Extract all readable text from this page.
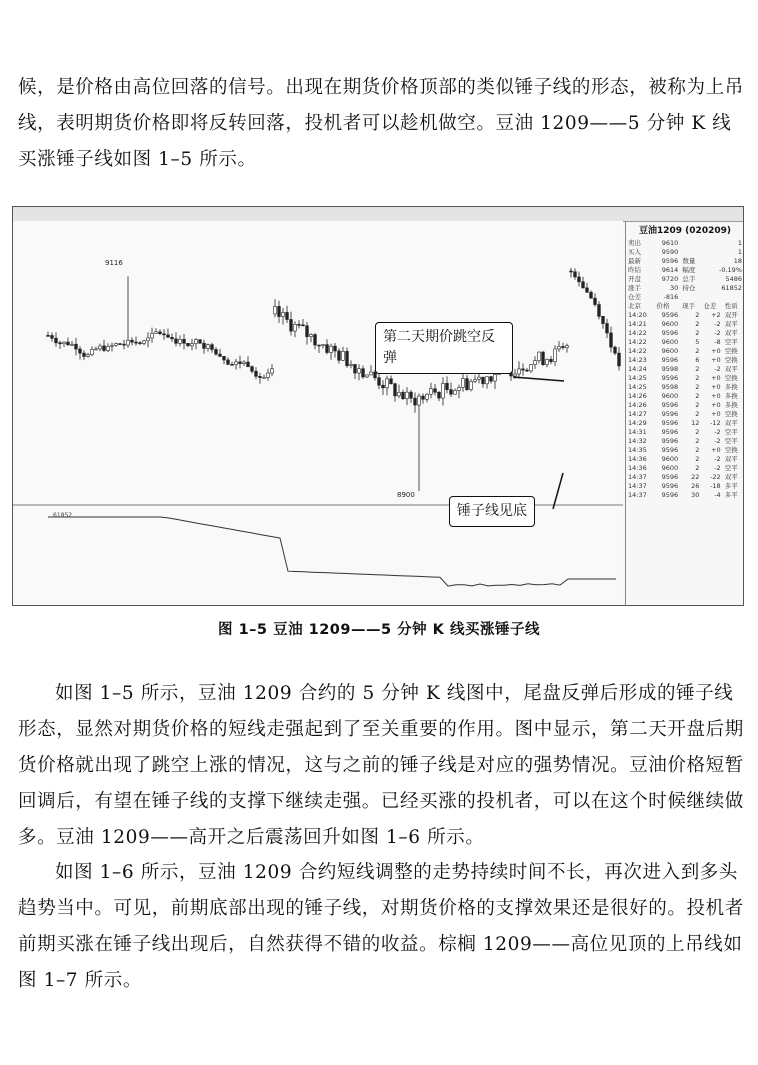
候，是价格由高位回落的信号。出现在期货价格顶部的类似锤子线的形态，被称为上吊线，表明期货价格即将反转回落，投机者可以趁机做空。豆油 1209——5 分钟 K 线买涨锤子线如图 1–5 所示。

9116
8900
61852
豆油1209 (020209)
卖出	9610		1
买入	9590		1
最新	9596	数量	18
昨结	9614	幅度	-0.19%
开盘	9720	总手	5486
涨手	30	持仓	61852
仓差	-816		
北京	价格	现手	仓差	性质
14:20	9596	2	+2	双开
14:21	9600	2	-2	双平
14:22	9596	2	-2	双平
14:22	9600	5	-8	空平
14:22	9600	2	+0	空换
14:23	9596	6	+0	空换
14:24	9598	2	-2	双平
14:25	9596	2	+0	空换
14:25	9598	2	+0	多换
14:26	9600	2	+0	多换
14:26	9596	2	+0	多换
14:27	9596	2	+0	空换
14:29	9596	12	-12	双平
14:31	9596	2	-2	空平
14:32	9596	2	-2	空平
14:35	9596	2	+0	空换
14:36	9600	2	-2	双平
14:36	9600	2	-2	空平
14:37	9596	22	-22	双平
14:37	9596	26	-18	多平
14:37	9596	30	-4	多平
第二天期价跳空反弹
锤子线见底
图 1–5 豆油 1209——5 分钟 K 线买涨锤子线

如图 1–5 所示，豆油 1209 合约的 5 分钟 K 线图中，尾盘反弹后形成的锤子线形态，显然对期货价格的短线走强起到了至关重要的作用。图中显示，第二天开盘后期货价格就出现了跳空上涨的情况，这与之前的锤子线是对应的强势情况。豆油价格短暂回调后，有望在锤子线的支撑下继续走强。已经买涨的投机者，可以在这个时候继续做多。豆油 1209——高开之后震荡回升如图 1–6 所示。

如图 1–6 所示，豆油 1209 合约短线调整的走势持续时间不长，再次进入到多头趋势当中。可见，前期底部出现的锤子线，对期货价格的支撑效果还是很好的。投机者前期买涨在锤子线出现后，自然获得不错的收益。棕榈 1209——高位见顶的上吊线如图 1–7 所示。
